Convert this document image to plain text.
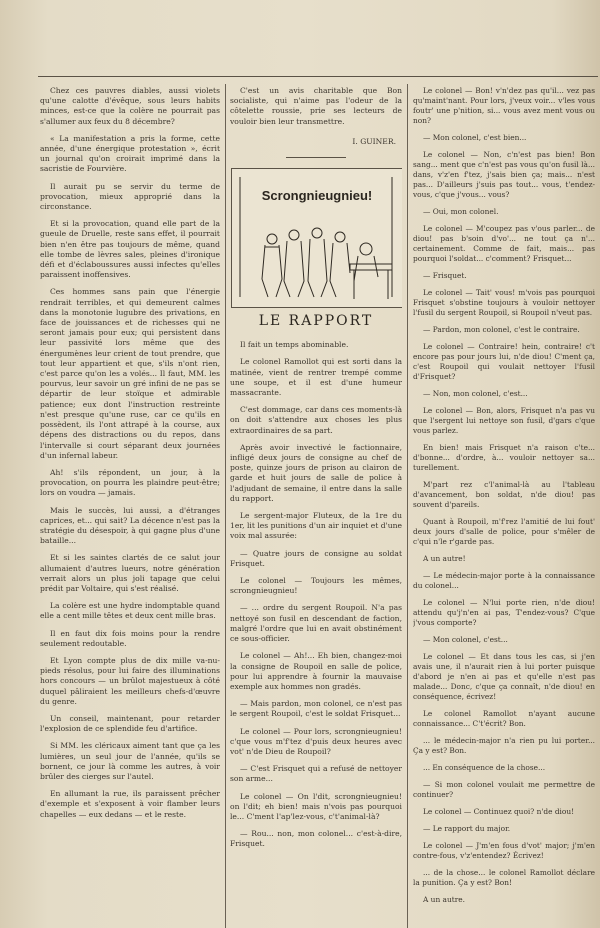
Chez ces pauvres diables, aussi violets qu'une calotte d'évêque, sous leurs habits minces, est-ce que la colère ne pourrait pas s'allumer aux feux du 8 décembre?

« La manifestation a pris la forme, cette année, d'une énergique protestation », écrit un journal qu'on croirait imprimé dans la sacristie de Fourvière.

Il aurait pu se servir du terme de provocation, mieux approprié dans la circonstance.

Et si la provocation, quand elle part de la gueule de Druelle, reste sans effet, il pourrait bien n'en être pas toujours de même, quand elle tombe de lèvres sales, pleines d'ironique défi et d'éclaboussures aussi infectes qu'elles paraissent inoffensives.

Ces hommes sans pain que l'énergie rendrait terribles, et qui demeurent calmes dans la monotonie lugubre des privations, en face de jouissances et de richesses qui ne seront jamais pour eux; qui persistent dans leur passivité lors même que des énergumènes leur crient de tout prendre, que tout leur appartient et que, s'ils n'ont rien, c'est parce qu'on les a volés... Il faut, MM. les pourvus, leur savoir un gré infini de ne pas se départir de leur stoïque et admirable patience; eux dont l'instruction restreinte n'est presque qu'une ruse, car ce qu'ils en possèdent, ils l'ont attrapé à la course, aux dépens des distractions ou du repos, dans l'intervalle si court séparant deux journées d'un infernal labeur.

Ah! s'ils répondent, un jour, à la provocation, on pourra les plaindre peut-être; lors on voudra — jamais.

Mais le succès, lui aussi, a d'étranges caprices, et... qui sait? La décence n'est pas la stratégie du désespoir, à qui gagne plus d'une bataille...

Et si les saintes clartés de ce salut jour allumaient d'autres lueurs, notre génération verrait alors un plus joli tapage que celui prédit par Voltaire, qui s'est réalisé.

La colère est une hydre indomptable quand elle a cent mille têtes et deux cent mille bras.

Il en faut dix fois moins pour la rendre seulement redoutable.

Et Lyon compte plus de dix mille va-nu-pieds résolus, pour lui faire des illuminations hors concours — un brûlot majestueux à côté duquel pâliraient les meilleurs chefs-d'œuvre du genre.

Un conseil, maintenant, pour retarder l'explosion de ce splendide feu d'artifice.

Si MM. les cléricaux aiment tant que ça les lumières, un seul jour de l'année, qu'ils se bornent, ce jour là comme les autres, à voir brûler des cierges sur l'autel.

En allumant la rue, ils paraissent prêcher d'exemple et s'exposent à voir flamber leurs chapelles — eux dedans — et le reste.

C'est un avis charitable que Bon socialiste, qui n'aime pas l'odeur de la côtelette roussie, prie ses lecteurs de vouloir bien leur transmettre.

I. GUINER.
Scrongnieugnieu!
LE RAPPORT

Il fait un temps abominable.

Le colonel Ramollot qui est sorti dans la matinée, vient de rentrer trempé comme une soupe, et il est d'une humeur massacrante.

C'est dommage, car dans ces moments-là on doit s'attendre aux choses les plus extraordinaires de sa part.

Après avoir invectivé le factionnaire, infligé deux jours de consigne au chef de poste, quinze jours de prison au clairon de garde et huit jours de salle de police à l'adjudant de semaine, il entre dans la salle du rapport.

Le sergent-major Fluteux, de la 1re du 1er, lit les punitions d'un air inquiet et d'une voix mal assurée:

— Quatre jours de consigne au soldat Frisquet.

Le colonel — Toujours les mêmes, scrongnieugnieu!

— ... ordre du sergent Roupoil. N'a pas nettoyé son fusil en descendant de faction, malgré l'ordre que lui en avait obstinément ce sous-officier.

Le colonel — Ah!... Eh bien, changez-moi la consigne de Roupoil en salle de police, pour lui apprendre à fournir la mauvaise exemple aux hommes non gradés.

— Mais pardon, mon colonel, ce n'est pas le sergent Roupoil, c'est le soldat Frisquet...

Le colonel — Pour lors, scrongnieugnieu! c'que vous m'f'tez d'puis deux heures avec vot' n'de Dieu de Roupoil?

— C'est Frisquet qui a refusé de nettoyer son arme...

Le colonel — On l'dit, scrongnieugnieu! on l'dit; eh bien! mais n'vois pas pourquoi le... C'ment l'ap'lez-vous, c't'animal-là?

— Rou... non, mon colonel... c'est-à-dire, Frisquet.

Le colonel — Bon! v'n'dez pas qu'il... vez pas qu'maint'nant. Pour lors, j'veux voir... v'les vous foutr' une p'nition, si... vous avez ment vous ou non?

— Mon colonel, c'est bien...

Le colonel — Non, c'n'est pas bien! Bon sang... ment que c'n'est pas vous qu'on fusil là... dans, v'z'en f'tez, j'sais bien ça; mais... n'est pas... D'ailleurs j'suis pas tout... vous, t'endez-vous, c'que j'vous... vous?

— Oui, mon colonel.

Le colonel — M'coupez pas v'ous parler... de diou! pas b'soin d'vo'... ne tout ça n'... certainement. Comme de fait, mais... pas pourquoi l'soldat... c'comment? Frisquet...

— Frisquet.

Le colonel — Tait' vous! m'vois pas pourquoi Frisquet s'obstine toujours à vouloir nettoyer l'fusil du sergent Roupoil, si Roupoil n'veut pas.

— Pardon, mon colonel, c'est le contraire.

Le colonel — Contraire! hein, contraire! c't encore pas pour jours lui, n'de diou! C'ment ça, c'est Roupoil qui voulait nettoyer l'fusil d'Frisquet?

— Non, mon colonel, c'est...

Le colonel — Bon, alors, Frisquet n'a pas vu que l'sergent lui nettoye son fusil, d'gars c'que vous parlez.

En bien! mais Frisquet n'a raison c'te... d'bonne... d'ordre, à... vouloir nettoyer sa... turellement.

M'part rez c'l'animal-là au l'tableau d'avancement, bon soldat, n'de diou! pas souvent d'pareils.

Quant à Roupoil, m'f'rez l'amitié de lui fout' deux jours d'salle de police, pour s'mêler de c'qui n'le r'garde pas.

A un autre!

— Le médecin-major porte à la connaissance du colonel...

Le colonel — N'lui porte rien, n'de diou! attendu qu'j'n'en ai pas, T'endez-vous? C'que j'vous comporte?

— Mon colonel, c'est...

Le colonel — Et dans tous les cas, si j'en avais une, il n'aurait rien à lui porter puisque d'abord je n'en ai pas et qu'elle n'est pas malade... Donc, c'que ça connaît, n'de diou! en conséquence, écrivez!

Le colonel Ramollot n'ayant aucune connaissance... C't'écrit? Bon.

... le médecin-major n'a rien pu lui porter... Ça y est? Bon.

... En conséquence de la chose...

— Si mon colonel voulait me permettre de continuer?

Le colonel — Continuez quoi? n'de diou!

— Le rapport du major.

Le colonel — J'm'en fous d'vot' major; j'm'en contre-fous, v'z'entendez? Écrivez!

... de la chose... le colonel Ramollot déclare la punition. Ça y est? Bon!

A un autre.
